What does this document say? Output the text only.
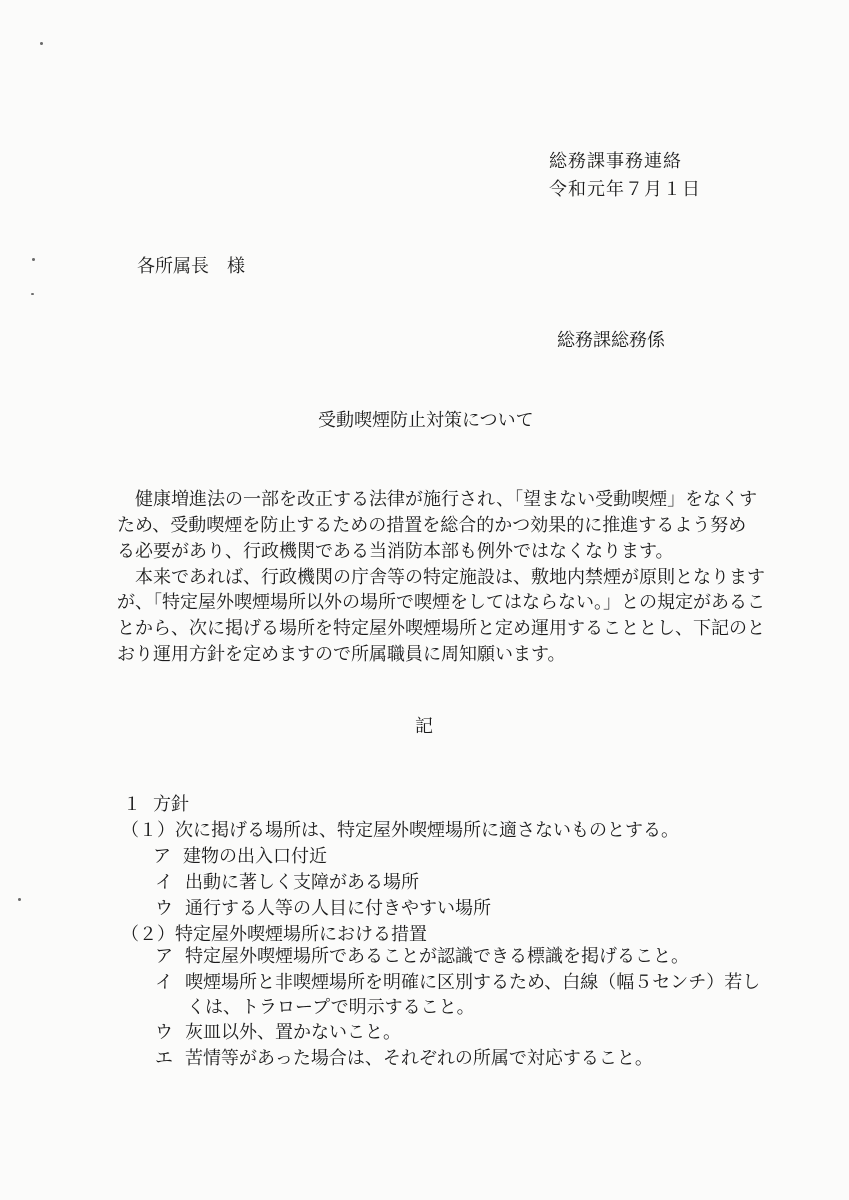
総務課事務連絡

令和元年７月１日

各所属長　様

総務課総務係

受動喫煙防止対策について

　健康増進法の一部を改正する法律が施行され、「望まない受動喫煙」をなくす

ため、受動喫煙を防止するための措置を総合的かつ効果的に推進するよう努め

る必要があり、行政機関である当消防本部も例外ではなくなります。

　本来であれば、行政機関の庁舎等の特定施設は、敷地内禁煙が原則となります

が、「特定屋外喫煙場所以外の場所で喫煙をしてはならない。」との規定があるこ

とから、次に掲げる場所を特定屋外喫煙場所と定め運用することとし、下記のと

おり運用方針を定めますので所属職員に周知願います。

記

１ 方針

（１）次に掲げる場所は、特定屋外喫煙場所に適さないものとする。

ア 建物の出入口付近

イ 出動に著しく支障がある場所

ウ 通行する人等の人目に付きやすい場所

（２）特定屋外喫煙場所における措置

ア 特定屋外喫煙場所であることが認識できる標識を掲げること。

イ 喫煙場所と非喫煙場所を明確に区別するため、白線（幅５センチ）若し

くは、トラロープで明示すること。

ウ 灰皿以外、置かないこと。

エ 苦情等があった場合は、それぞれの所属で対応すること。
